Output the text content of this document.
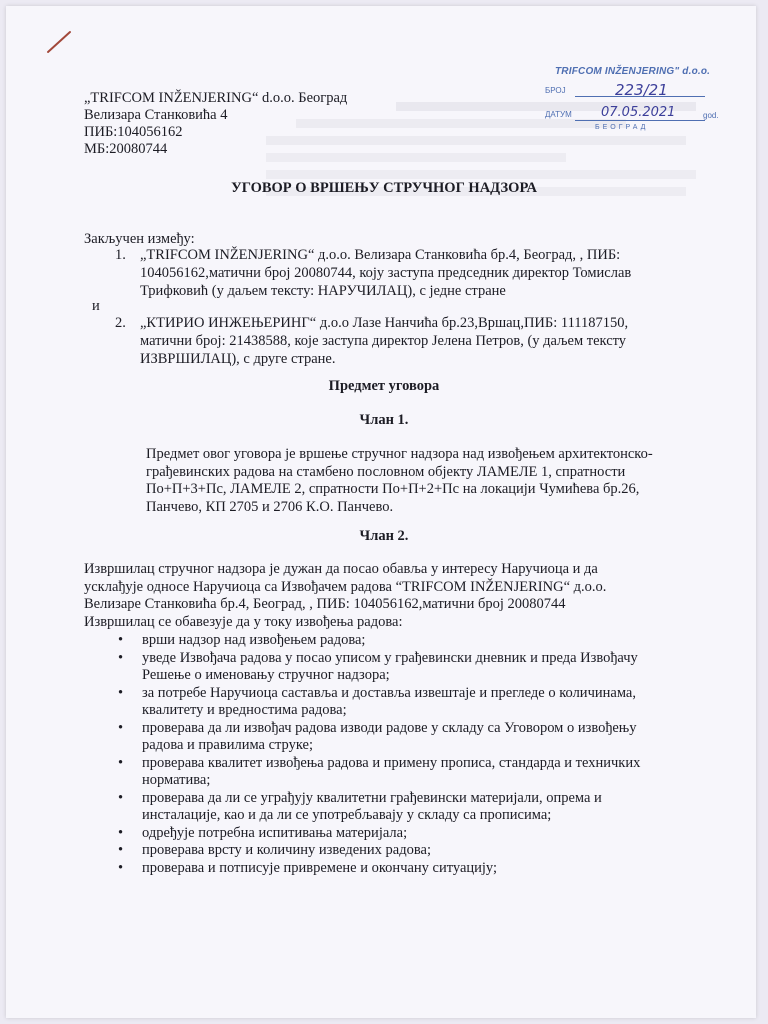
„TRIFCOM INŽENJERING“ d.o.o. Београд
Велизара Станковића 4
ПИБ:104056162
МБ:20080744
TRIFCOM INŽENJERING" d.o.o.
БРОЈ	223/21
ДАТУМ 07.05.2021	god.
БЕОГРАД
УГОВОР О ВРШЕЊУ СТРУЧНОГ НАДЗОРА
Закључен између:
1. „TRIFCOM INŽENJERING“ д.о.о. Велизара Станковића бр.4, Београд, , ПИБ:
104056162,матични број 20080744, коју заступа председник директор Томислав
Трифковић (у даљем тексту: НАРУЧИЛАЦ), с једне стране
и
2. „КТИРИО ИНЖЕЊЕРИНГ“ д.о.о Лазе Нанчића бр.23,Вршац,ПИБ: 111187150,
матични број: 21438588, које заступа директор Јелена Петров, (у даљем тексту
ИЗВРШИЛАЦ), с друге стране.
Предмет уговора
Члан 1.
Предмет овог уговора је вршење стручног надзора над извођењем архитектонско-
грађевинских радова на стамбено пословном објекту ЛАМЕЛЕ 1, спратности
По+П+3+Пс, ЛАМЕЛЕ 2, спратности По+П+2+Пс на локацији Чумићева бр.26,
Панчево, КП 2705 и 2706 К.О. Панчево.
Члан 2.
Извршилац стручног надзора је дужан да посао обавља у интересу Наручиоца и да
усклађује односе Наручиоца са Извођачем радова “TRIFCOM INŽENJERING“ д.о.о.
Велизаре Станковића бр.4, Београд, , ПИБ: 104056162,матични број 20080744
Извршилац се обавезује да у току извођења радова:
• врши надзор над извођењем радова;
• уведе Извођача радова у посао уписом у грађевински дневник и преда Извођачу
Решење о именовању стручног надзора;
• за потребе Наручиоца саставља и доставља извештаје и прегледе о количинама,
квалитету и вредностима радова;
• проверава да ли извођач радова изводи радове у складу са Уговором о извођењу
радова и правилима струке;
• проверава квалитет извођења радова и примену прописа, стандарда и техничких
норматива;
• проверава да ли се уграђују квалитетни грађевински материјали, опрема и
инсталације, као и да ли се употребљавају у складу са прописима;
• одређује потребна испитивања материјала;
• проверава врсту и количину изведених радова;
• проверава и потписује привремене и окончану ситуацију;
